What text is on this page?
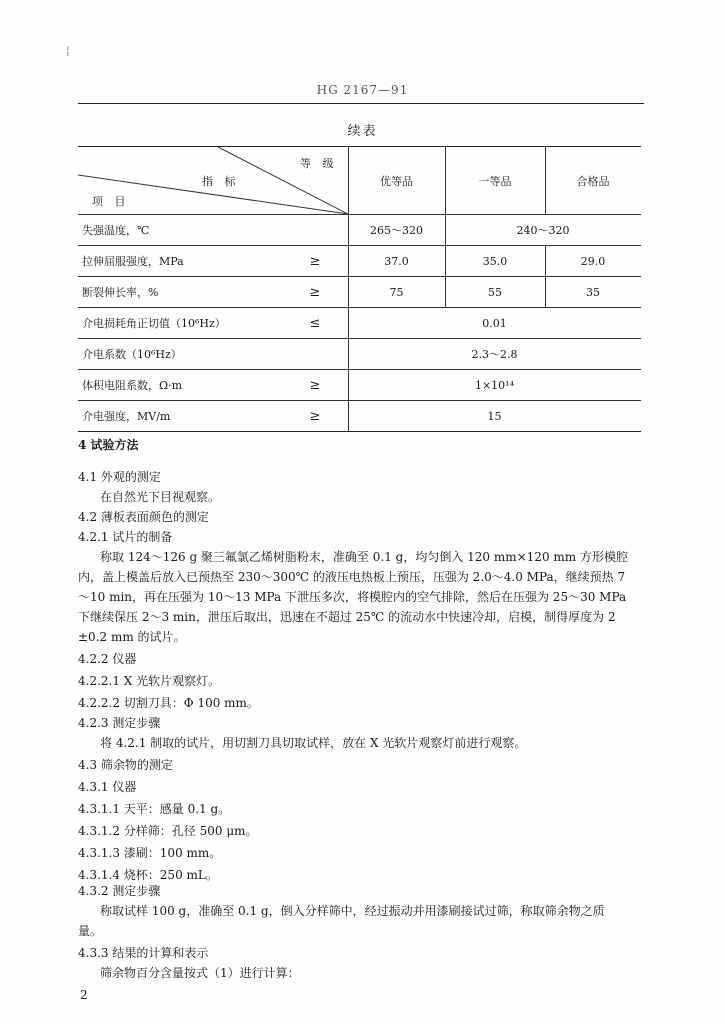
¦
HG 2167—91
续表
等 级
指 标
项 目
优等品	一等品	合格品
失强温度，℃	265～320	240～320
拉伸屈服强度，MPa	≥	37.0	35.0	29.0
断裂伸长率，%	≥	75	55	35
介电损耗角正切值（10⁶Hz）	≤	0.01
介电系数（10⁶Hz）	2.3～2.8
体积电阻系数，Ω·m	≥	1×10¹⁴
介电强度，MV/m	≥	15
4 试验方法
4.1 外观的测定
在自然光下目视观察。
4.2 薄板表面颜色的测定
4.2.1 试片的制备
称取 124～126 g 聚三氟氯乙烯树脂粉末，准确至 0.1 g，均匀倒入 120 mm×120 mm 方形模腔
内，盖上模盖后放入已预热至 230～300℃ 的液压电热板上预压，压强为 2.0～4.0 MPa，继续预热 7
～10 min，再在压强为 10～13 MPa 下泄压多次，将模腔内的空气排除，然后在压强为 25～30 MPa
下继续保压 2～3 min，泄压后取出，迅速在不超过 25℃ 的流动水中快速冷却，启模，制得厚度为 2
±0.2 mm 的试片。
4.2.2 仪器
4.2.2.1 X 光软片观察灯。
4.2.2.2 切割刀具：Φ 100 mm。
4.2.3 测定步骤
将 4.2.1 制取的试片，用切割刀具切取试样，放在 X 光软片观察灯前进行观察。
4.3 筛余物的测定
4.3.1 仪器
4.3.1.1 天平：感量 0.1 g。
4.3.1.2 分样筛：孔径 500 μm。
4.3.1.3 漆刷：100 mm。
4.3.1.4 烧杯：250 mL。
4.3.2 测定步骤
称取试样 100 g，准确至 0.1 g，倒入分样筛中，经过振动并用漆刷接试过筛，称取筛余物之质
量。
4.3.3 结果的计算和表示
筛余物百分含量按式（1）进行计算：
2
